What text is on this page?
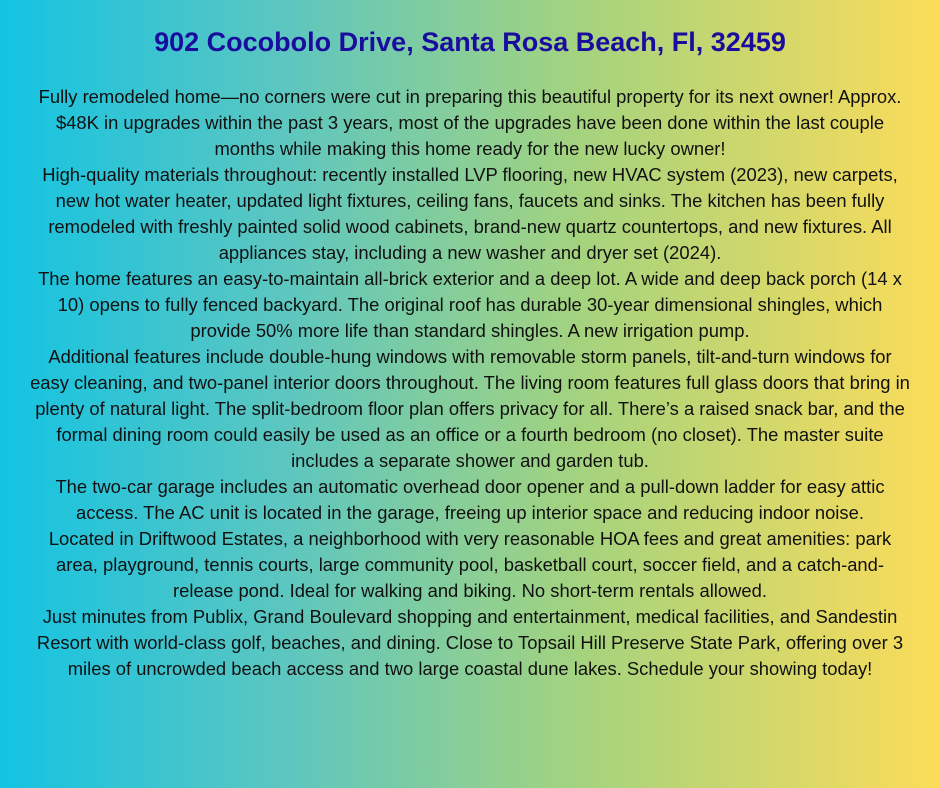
902 Cocobolo Drive, Santa Rosa Beach, Fl, 32459

Fully remodeled home—no corners were cut in preparing this beautiful property for its next owner! Approx. $48K in upgrades within the past 3 years, most of the upgrades have been done within the last couple months while making this home ready for the new lucky owner!

High-quality materials throughout: recently installed LVP flooring, new HVAC system (2023), new carpets, new hot water heater, updated light fixtures, ceiling fans, faucets and sinks. The kitchen has been fully remodeled with freshly painted solid wood cabinets, brand-new quartz countertops, and new fixtures. All appliances stay, including a new washer and dryer set (2024).

The home features an easy-to-maintain all-brick exterior and a deep lot. A wide and deep back porch (14 x 10) opens to fully fenced backyard. The original roof has durable 30-year dimensional shingles, which provide 50% more life than standard shingles. A new irrigation pump.

Additional features include double-hung windows with removable storm panels, tilt-and-turn windows for easy cleaning, and two-panel interior doors throughout. The living room features full glass doors that bring in plenty of natural light. The split-bedroom floor plan offers privacy for all. There’s a raised snack bar, and the formal dining room could easily be used as an office or a fourth bedroom (no closet). The master suite includes a separate shower and garden tub.

The two-car garage includes an automatic overhead door opener and a pull-down ladder for easy attic access. The AC unit is located in the garage, freeing up interior space and reducing indoor noise.

Located in Driftwood Estates, a neighborhood with very reasonable HOA fees and great amenities: park area, playground, tennis courts, large community pool, basketball court, soccer field, and a catch-and-release pond. Ideal for walking and biking. No short-term rentals allowed.

Just minutes from Publix, Grand Boulevard shopping and entertainment, medical facilities, and Sandestin Resort with world-class golf, beaches, and dining. Close to Topsail Hill Preserve State Park, offering over 3 miles of uncrowded beach access and two large coastal dune lakes. Schedule your showing today!
